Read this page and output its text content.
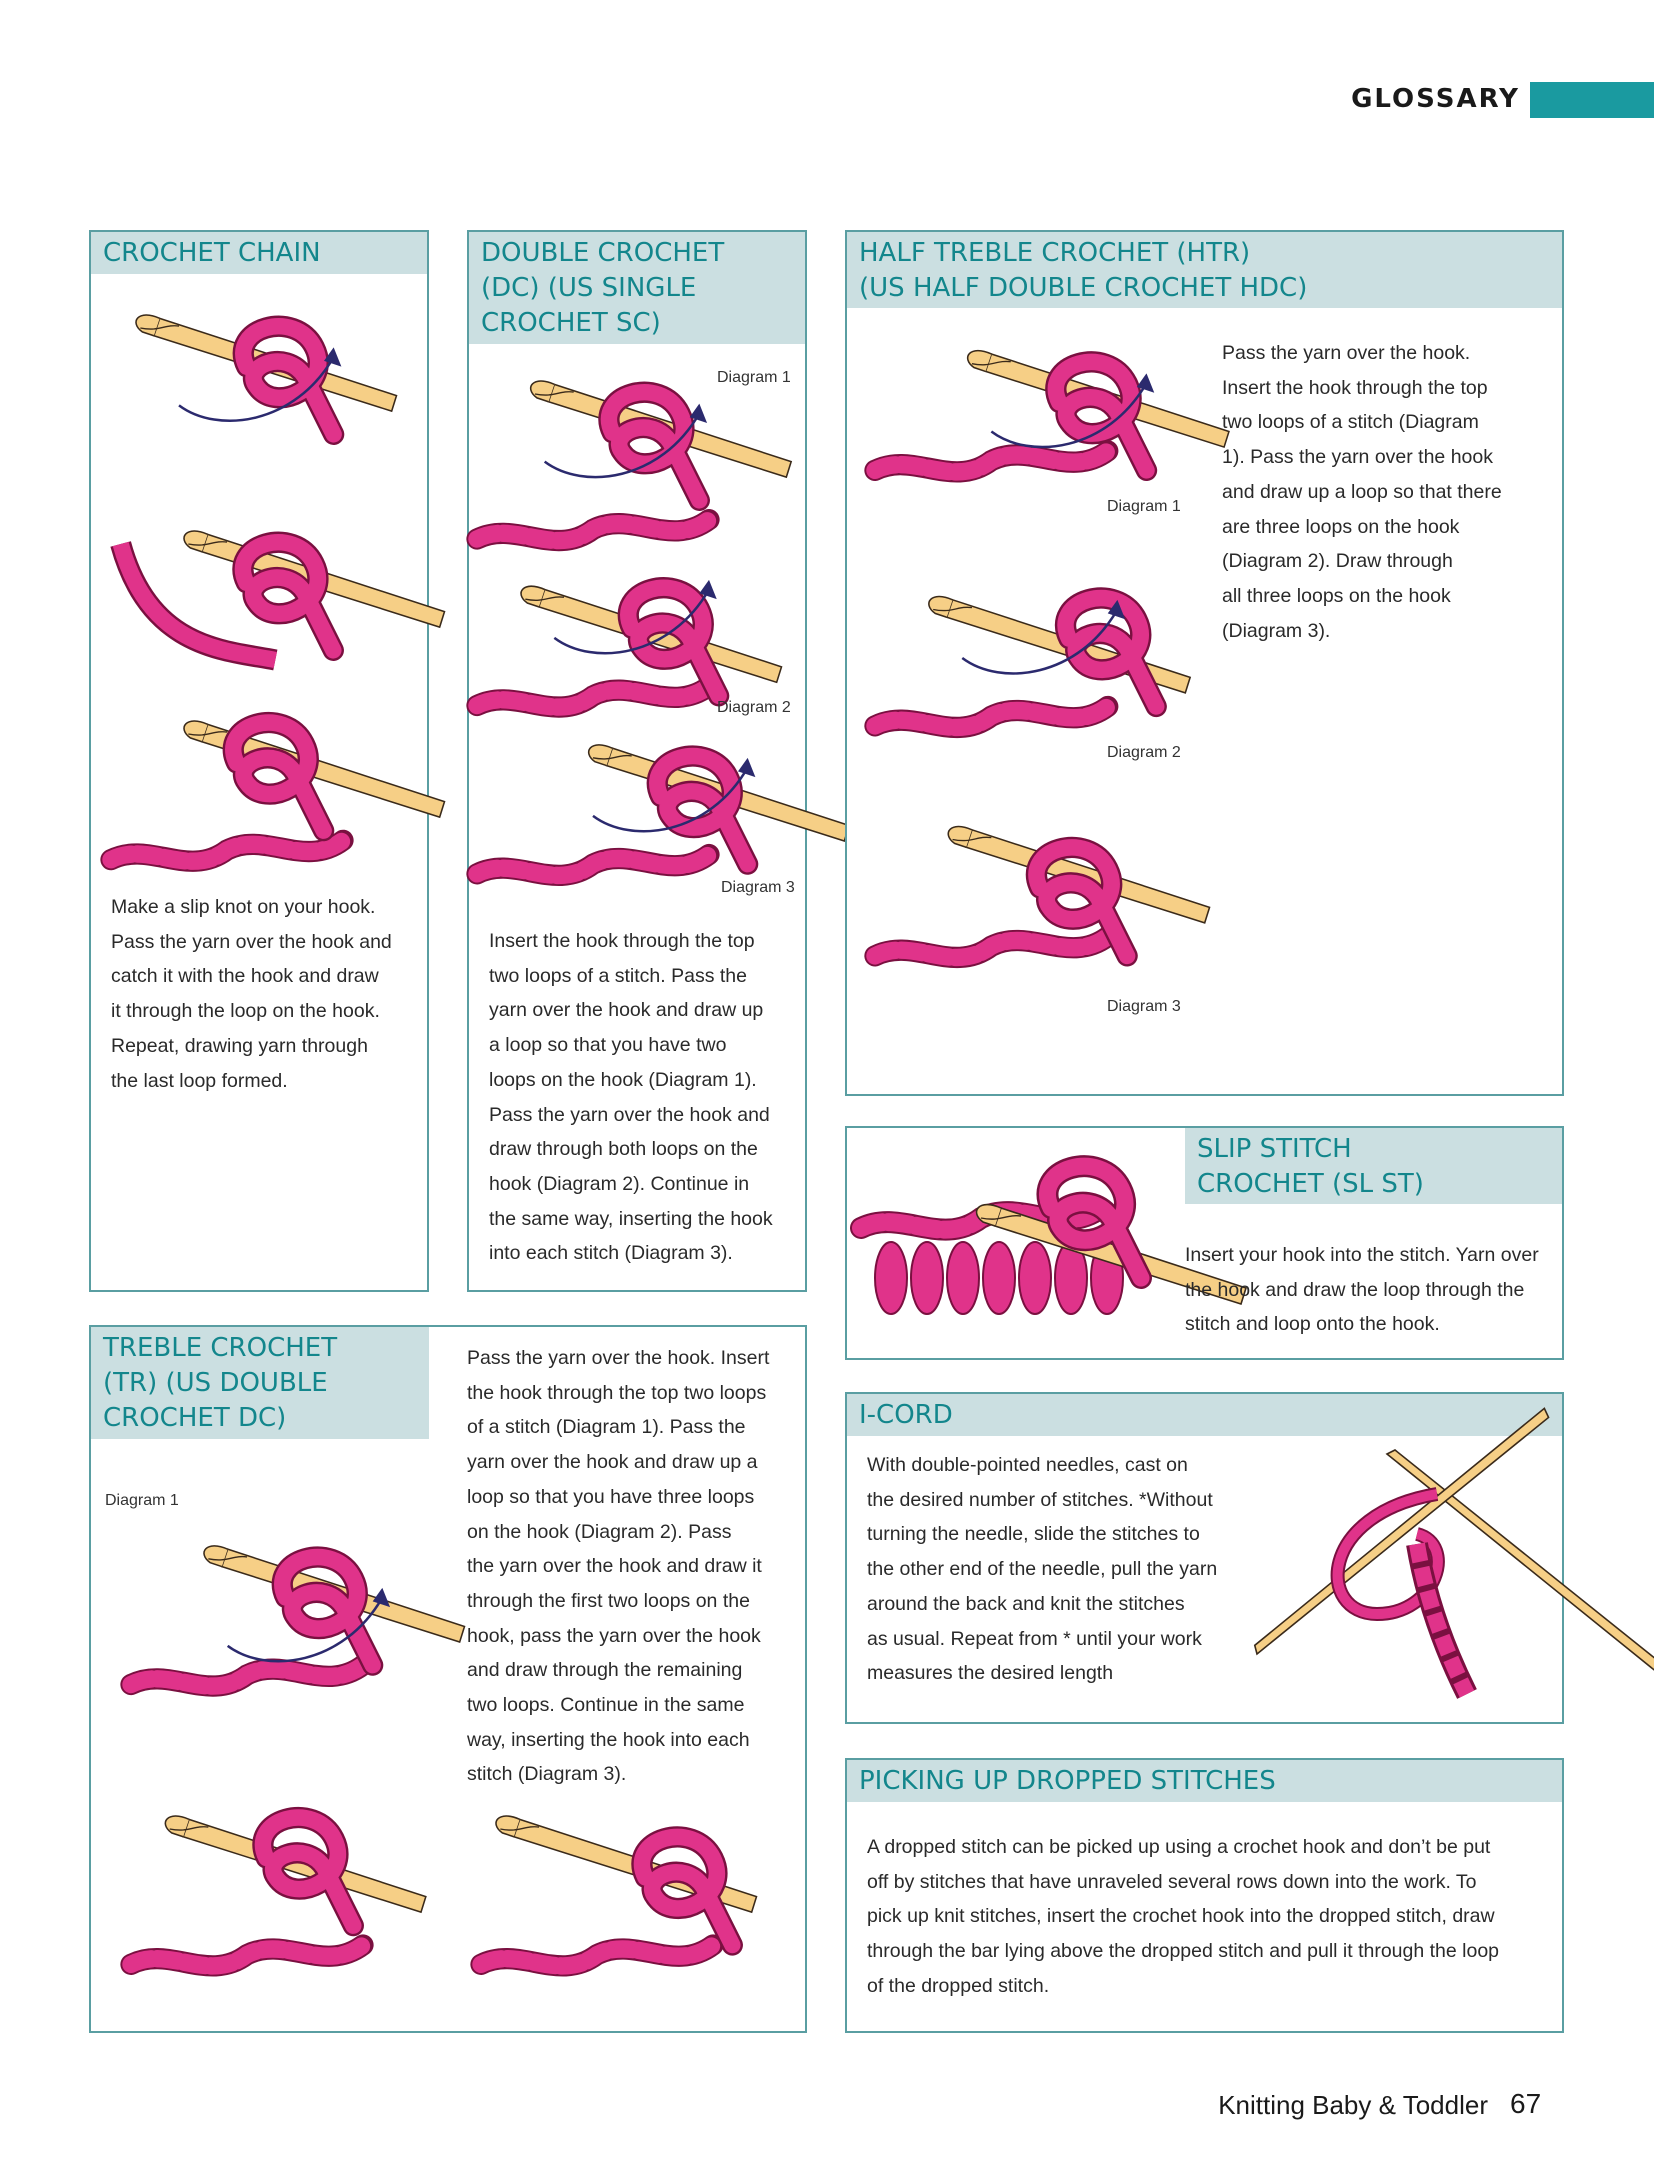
GLOSSARY
CROCHET CHAIN
Make a slip knot on your hook.
Pass the yarn over the hook and
catch it with the hook and draw
it through the loop on the hook.
Repeat, drawing yarn through
the last loop formed.
DOUBLE CROCHET
(DC) (US SINGLE
CROCHET SC)
Diagram 1
Diagram 2
Diagram 3
Insert the hook through the top
two loops of a stitch. Pass the
yarn over the hook and draw up
a loop so that you have two
loops on the hook (Diagram 1).
Pass the yarn over the hook and
draw through both loops on the
hook (Diagram 2). Continue in
the same way, inserting the hook
into each stitch (Diagram 3).
HALF TREBLE CROCHET (HTR)
(US HALF DOUBLE CROCHET HDC)
Diagram 1
Diagram 2
Diagram 3
Pass the yarn over the hook.
Insert the hook through the top
two loops of a stitch (Diagram
1). Pass the yarn over the hook
and draw up a loop so that there
are three loops on the hook
(Diagram 2). Draw through
all three loops on the hook
(Diagram 3).
TREBLE CROCHET
(TR) (US DOUBLE
CROCHET DC)
Diagram 1
Pass the yarn over the hook. Insert
the hook through the top two loops
of a stitch (Diagram 1). Pass the
yarn over the hook and draw up a
loop so that you have three loops
on the hook (Diagram 2). Pass
the yarn over the hook and draw it
through the first two loops on the
hook, pass the yarn over the hook
and draw through the remaining
two loops. Continue in the same
way, inserting the hook into each
stitch (Diagram 3).
SLIP STITCH
CROCHET (SL ST)
Insert your hook into the stitch. Yarn over
the hook and draw the loop through the
stitch and loop onto the hook.
I-CORD
With double-pointed needles, cast on
the desired number of stitches. *Without
turning the needle, slide the stitches to
the other end of the needle, pull the yarn
around the back and knit the stitches
as usual. Repeat from * until your work
measures the desired length
PICKING UP DROPPED STITCHES
A dropped stitch can be picked up using a crochet hook and don’t be put
off by stitches that have unraveled several rows down into the work. To
pick up knit stitches, insert the crochet hook into the dropped stitch, draw
through the bar lying above the dropped stitch and pull it through the loop
of the dropped stitch.
Knitting Baby & Toddler 67
